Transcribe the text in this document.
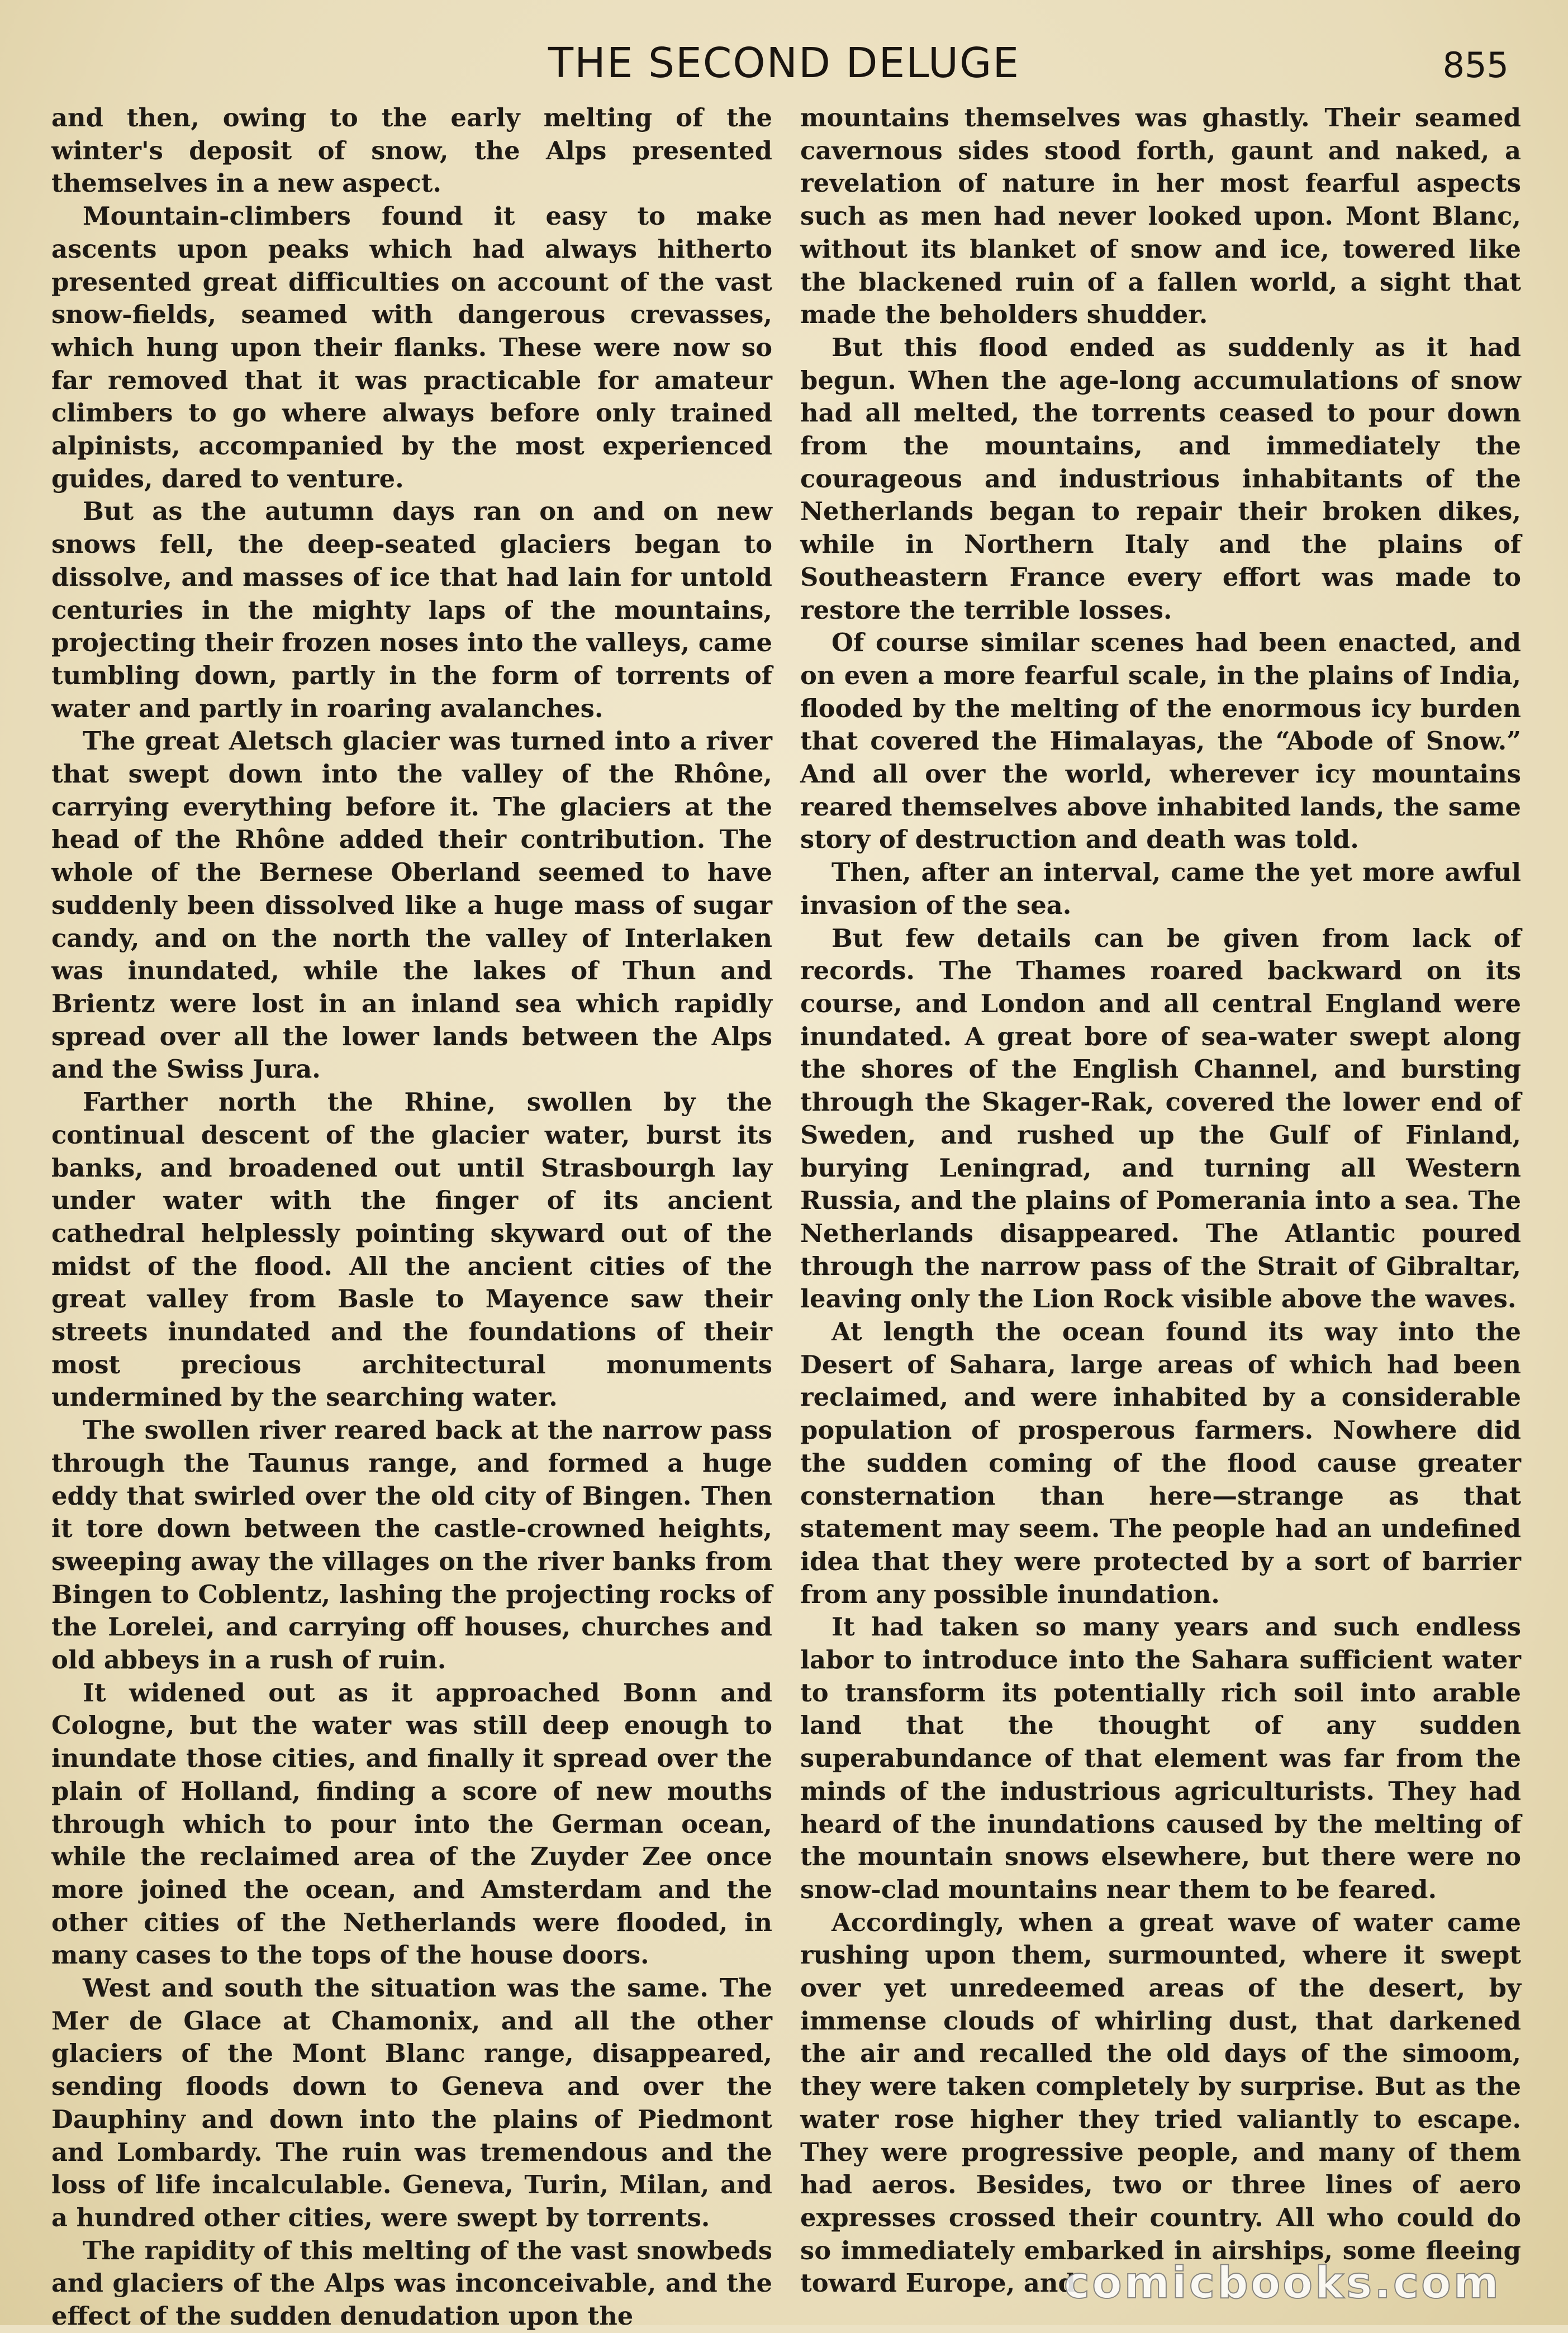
THE SECOND DELUGE	855

and then, owing to the early melting of the winter's deposit of snow, the Alps presented themselves in a new aspect.

Mountain-climbers found it easy to make ascents upon peaks which had always hitherto presented great difficulties on account of the vast snow-fields, seamed with dangerous crevasses, which hung upon their flanks. These were now so far removed that it was practicable for amateur climbers to go where always before only trained alpinists, accompanied by the most experienced guides, dared to venture.

But as the autumn days ran on and on new snows fell, the deep-seated glaciers began to dissolve, and masses of ice that had lain for untold centuries in the mighty laps of the mountains, projecting their frozen noses into the valleys, came tumbling down, partly in the form of torrents of water and partly in roaring avalanches.

The great Aletsch glacier was turned into a river that swept down into the valley of the Rhône, carrying everything before it. The glaciers at the head of the Rhône added their contribution. The whole of the Bernese Oberland seemed to have suddenly been dissolved like a huge mass of sugar candy, and on the north the valley of Interlaken was inundated, while the lakes of Thun and Brientz were lost in an inland sea which rapidly spread over all the lower lands between the Alps and the Swiss Jura.

Farther north the Rhine, swollen by the continual descent of the glacier water, burst its banks, and broadened out until Strasbourgh lay under water with the finger of its ancient cathedral helplessly pointing skyward out of the midst of the flood. All the ancient cities of the great valley from Basle to Mayence saw their streets inundated and the foundations of their most precious architectural monuments undermined by the searching water.

The swollen river reared back at the narrow pass through the Taunus range, and formed a huge eddy that swirled over the old city of Bingen. Then it tore down between the castle-crowned heights, sweeping away the villages on the river banks from Bingen to Coblentz, lashing the projecting rocks of the Lorelei, and carrying off houses, churches and old abbeys in a rush of ruin.

It widened out as it approached Bonn and Cologne, but the water was still deep enough to inundate those cities, and finally it spread over the plain of Holland, finding a score of new mouths through which to pour into the German ocean, while the reclaimed area of the Zuyder Zee once more joined the ocean, and Amsterdam and the other cities of the Netherlands were flooded, in many cases to the tops of the house doors.

West and south the situation was the same. The Mer de Glace at Chamonix, and all the other glaciers of the Mont Blanc range, disappeared, sending floods down to Geneva and over the Dauphiny and down into the plains of Piedmont and Lombardy. The ruin was tremendous and the loss of life incalculable. Geneva, Turin, Milan, and a hundred other cities, were swept by torrents.

The rapidity of this melting of the vast snowbeds and glaciers of the Alps was inconceivable, and the effect of the sudden denudation upon the

mountains themselves was ghastly. Their seamed cavernous sides stood forth, gaunt and naked, a revelation of nature in her most fearful aspects such as men had never looked upon. Mont Blanc, without its blanket of snow and ice, towered like the blackened ruin of a fallen world, a sight that made the beholders shudder.

But this flood ended as suddenly as it had begun. When the age-long accumulations of snow had all melted, the torrents ceased to pour down from the mountains, and immediately the courageous and industrious inhabitants of the Netherlands began to repair their broken dikes, while in Northern Italy and the plains of Southeastern France every effort was made to restore the terrible losses.

Of course similar scenes had been enacted, and on even a more fearful scale, in the plains of India, flooded by the melting of the enormous icy burden that covered the Himalayas, the “Abode of Snow.” And all over the world, wherever icy mountains reared themselves above inhabited lands, the same story of destruction and death was told.

Then, after an interval, came the yet more awful invasion of the sea.

But few details can be given from lack of records. The Thames roared backward on its course, and London and all central England were inundated. A great bore of sea-water swept along the shores of the English Channel, and bursting through the Skager-Rak, covered the lower end of Sweden, and rushed up the Gulf of Finland, burying Leningrad, and turning all Western Russia, and the plains of Pomerania into a sea. The Netherlands disappeared. The Atlantic poured through the narrow pass of the Strait of Gibraltar, leaving only the Lion Rock visible above the waves.

At length the ocean found its way into the Desert of Sahara, large areas of which had been reclaimed, and were inhabited by a considerable population of prosperous farmers. Nowhere did the sudden coming of the flood cause greater consternation than here—strange as that statement may seem. The people had an undefined idea that they were protected by a sort of barrier from any possible inundation.

It had taken so many years and such endless labor to introduce into the Sahara sufficient water to transform its potentially rich soil into arable land that the thought of any sudden superabundance of that element was far from the minds of the industrious agriculturists. They had heard of the inundations caused by the melting of the mountain snows elsewhere, but there were no snow-clad mountains near them to be feared.

Accordingly, when a great wave of water came rushing upon them, surmounted, where it swept over yet unredeemed areas of the desert, by immense clouds of whirling dust, that darkened the air and recalled the old days of the simoom, they were taken completely by surprise. But as the water rose higher they tried valiantly to escape. They were progressive people, and many of them had aeros. Besides, two or three lines of aero expresses crossed their country. All who could do so immediately embarked in airships, some fleeing toward Europe, and

comicbooks.com
